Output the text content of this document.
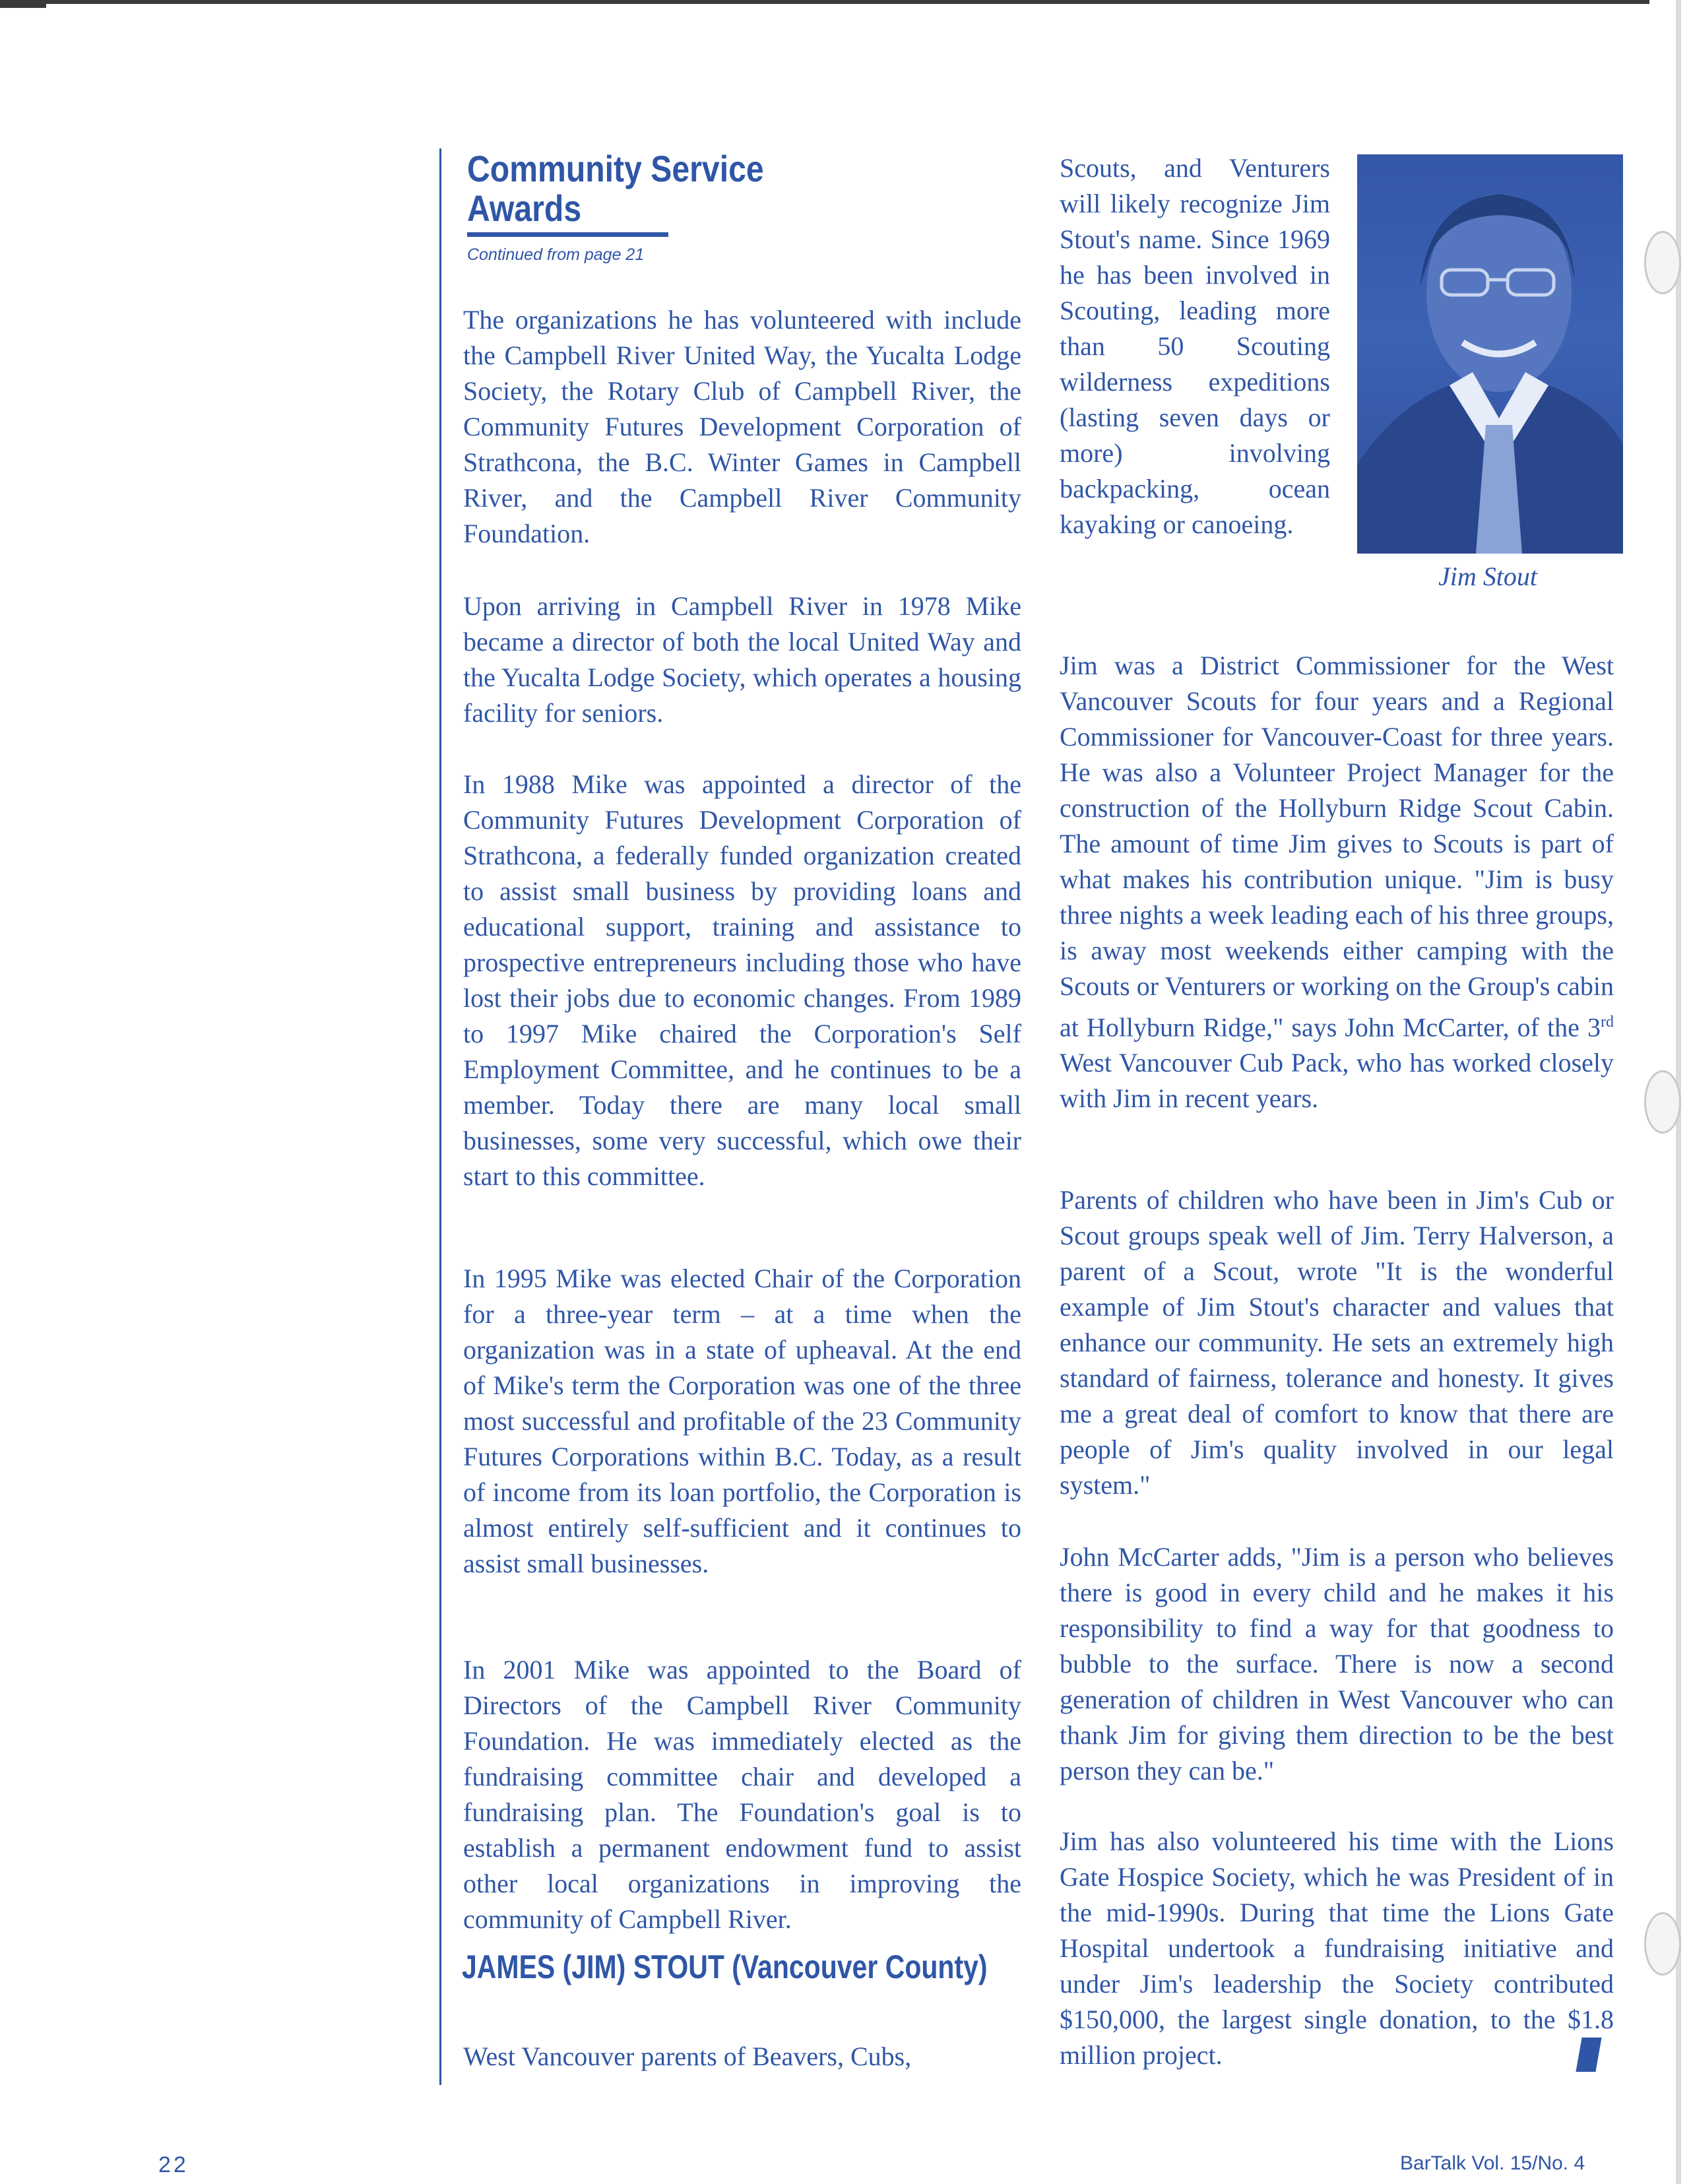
Community Service
Awards
Continued from page 21

The organizations he has volunteered with include the Campbell River United Way, the Yucalta Lodge Society, the Rotary Club of Campbell River, the Community Futures Development Corporation of Strathcona, the B.C. Winter Games in Campbell River, and the Campbell River Community Foundation.

Upon arriving in Campbell River in 1978 Mike became a director of both the local United Way and the Yucalta Lodge Society, which operates a housing facility for seniors.

In 1988 Mike was appointed a director of the Community Futures Development Corporation of Strathcona, a federally funded organization created to assist small business by providing loans and educational support, training and assistance to prospective entrepreneurs including those who have lost their jobs due to economic changes. From 1989 to 1997 Mike chaired the Corporation's Self Employment Committee, and he continues to be a member. Today there are many local small businesses, some very successful, which owe their start to this committee.

In 1995 Mike was elected Chair of the Corporation for a three-year term – at a time when the organization was in a state of upheaval. At the end of Mike's term the Corporation was one of the three most successful and profitable of the 23 Community Futures Corporations within B.C. Today, as a result of income from its loan portfolio, the Corporation is almost entirely self-sufficient and it continues to assist small businesses.

In 2001 Mike was appointed to the Board of Directors of the Campbell River Community Foundation. He was immediately elected as the fundraising committee chair and developed a fundraising plan. The Foundation's goal is to establish a permanent endowment fund to assist other local organizations in improving the community of Campbell River.

JAMES (JIM) STOUT (Vancouver County)

West Vancouver parents of Beavers, Cubs,

Scouts, and Venturers will likely recognize Jim Stout's name. Since 1969 he has been involved in Scouting, leading more than 50 Scouting wilderness expeditions (lasting seven days or more) involving backpacking, ocean kayaking or canoeing.

Jim Stout

Jim was a District Commissioner for the West Vancouver Scouts for four years and a Regional Commissioner for Vancouver-Coast for three years. He was also a Volunteer Project Manager for the construction of the Hollyburn Ridge Scout Cabin. The amount of time Jim gives to Scouts is part of what makes his contribution unique. "Jim is busy three nights a week leading each of his three groups, is away most weekends either camping with the Scouts or Venturers or working on the Group's cabin at Hollyburn Ridge," says John McCarter, of the 3rd West Vancouver Cub Pack, who has worked closely with Jim in recent years.

Parents of children who have been in Jim's Cub or Scout groups speak well of Jim. Terry Halverson, a parent of a Scout, wrote "It is the wonderful example of Jim Stout's character and values that enhance our community. He sets an extremely high standard of fairness, tolerance and honesty. It gives me a great deal of comfort to know that there are people of Jim's quality involved in our legal system."

John McCarter adds, "Jim is a person who believes there is good in every child and he makes it his responsibility to find a way for that goodness to bubble to the surface. There is now a second generation of children in West Vancouver who can thank Jim for giving them direction to be the best person they can be."

Jim has also volunteered his time with the Lions Gate Hospice Society, which he was President of in the mid-1990s. During that time the Lions Gate Hospital undertook a fundraising initiative and under Jim's leadership the Society contributed $150,000, the largest single donation, to the $1.8 million project.

22	BarTalk Vol. 15/No. 4
